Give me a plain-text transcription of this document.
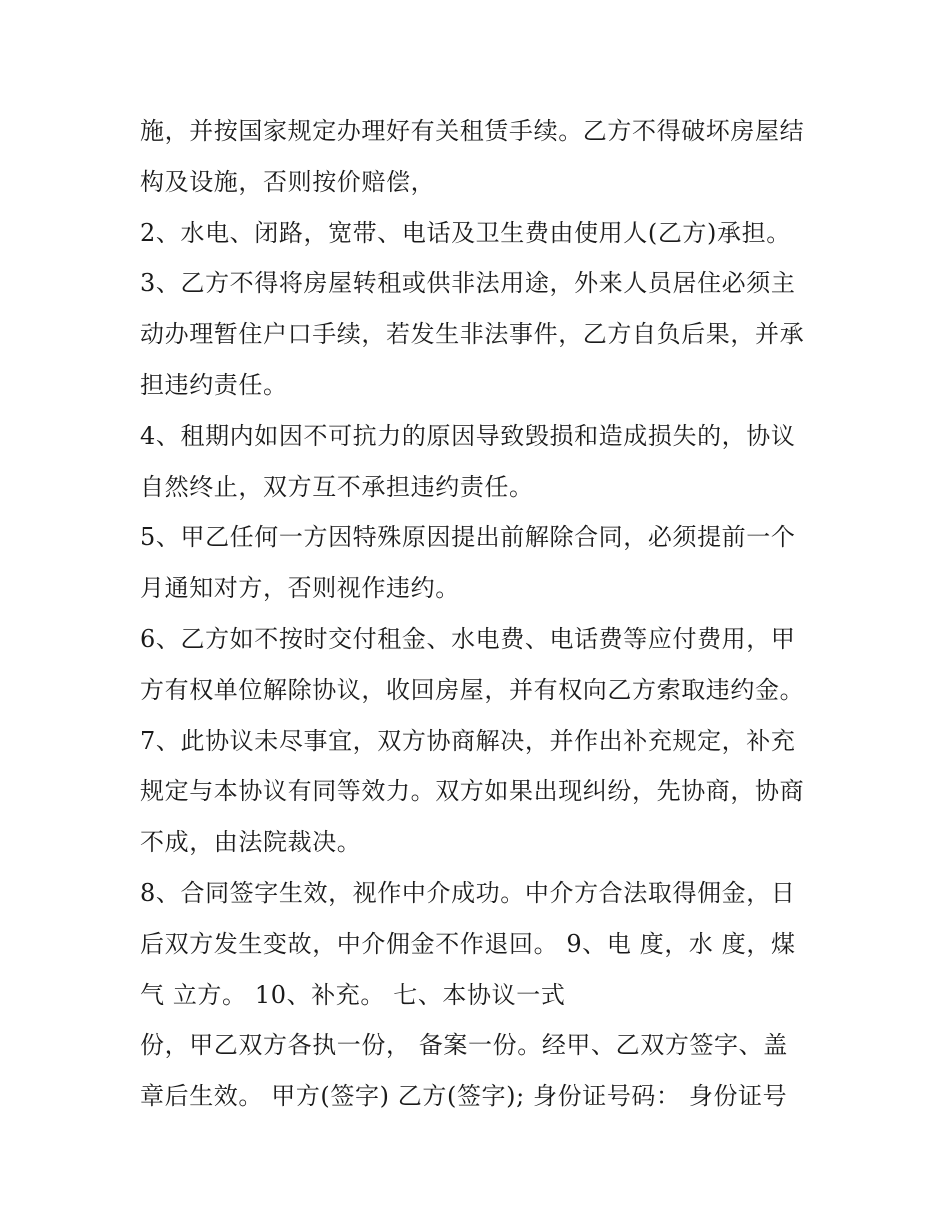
施，并按国家规定办理好有关租赁手续。乙方不得破坏房屋结
构及设施，否则按价赔偿，
2、水电、闭路，宽带、电话及卫生费由使用人(乙方)承担。
3、乙方不得将房屋转租或供非法用途，外来人员居住必须主
动办理暂住户口手续，若发生非法事件，乙方自负后果，并承
担违约责任。
4、租期内如因不可抗力的原因导致毁损和造成损失的，协议
自然终止，双方互不承担违约责任。
5、甲乙任何一方因特殊原因提出前解除合同，必须提前一个
月通知对方，否则视作违约。
6、乙方如不按时交付租金、水电费、电话费等应付费用，甲
方有权单位解除协议，收回房屋，并有权向乙方索取违约金。
7、此协议未尽事宜，双方协商解决，并作出补充规定，补充
规定与本协议有同等效力。双方如果出现纠纷，先协商，协商
不成，由法院裁决。
8、合同签字生效，视作中介成功。中介方合法取得佣金，日
后双方发生变故，中介佣金不作退回。 9、电 度，水 度，煤
气 立方。 10、补充。 七、本协议一式
份，甲乙双方各执一份， 备案一份。经甲、乙双方签字、盖
章后生效。 甲方(签字) 乙方(签字); 身份证号码： 身份证号
